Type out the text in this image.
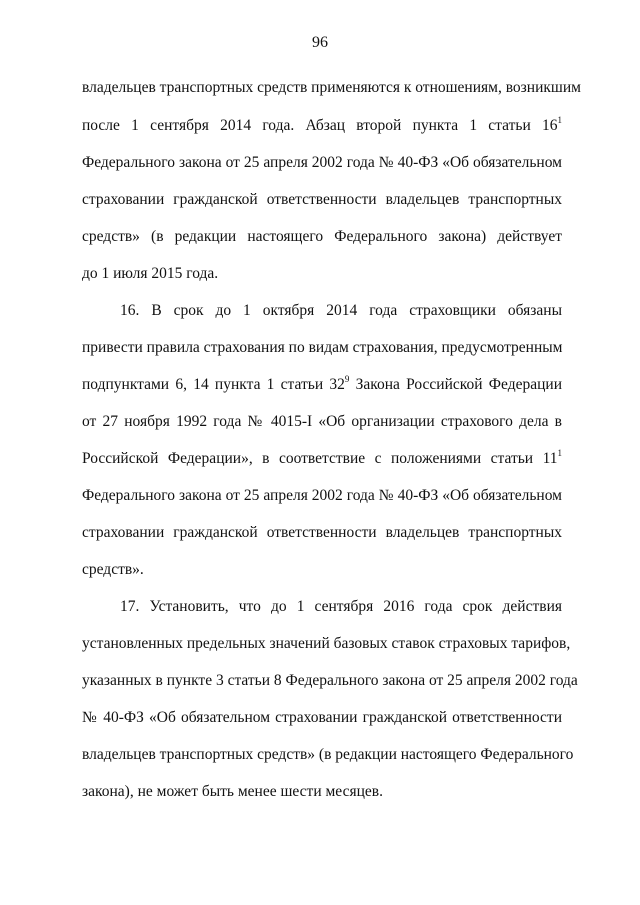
96
владельцев транспортных средств применяются к отношениям, возникшим
после 1 сентября 2014 года. Абзац второй пункта 1 статьи $16^1$
Федерального закона от 25 апреля 2002 года № 40-ФЗ «Об обязательном
страховании гражданской ответственности владельцев транспортных
средств» (в редакции настоящего Федерального закона) действует
до 1 июля 2015 года.
16. В срок до 1 октября 2014 года страховщики обязаны
привести правила страхования по видам страхования, предусмотренным
подпунктами 6, 14 пункта 1 статьи $32^9$ Закона Российской Федерации
от 27 ноября 1992 года № 4015-I «Об организации страхового дела в
Российской Федерации», в соответствие с положениями статьи $11^1$
Федерального закона от 25 апреля 2002 года № 40-ФЗ «Об обязательном
страховании гражданской ответственности владельцев транспортных
средств».
17. Установить, что до 1 сентября 2016 года срок действия
установленных предельных значений базовых ставок страховых тарифов,
указанных в пункте 3 статьи 8 Федерального закона от 25 апреля 2002 года
№ 40-ФЗ «Об обязательном страховании гражданской ответственности
владельцев транспортных средств» (в редакции настоящего Федерального
закона), не может быть менее шести месяцев.
